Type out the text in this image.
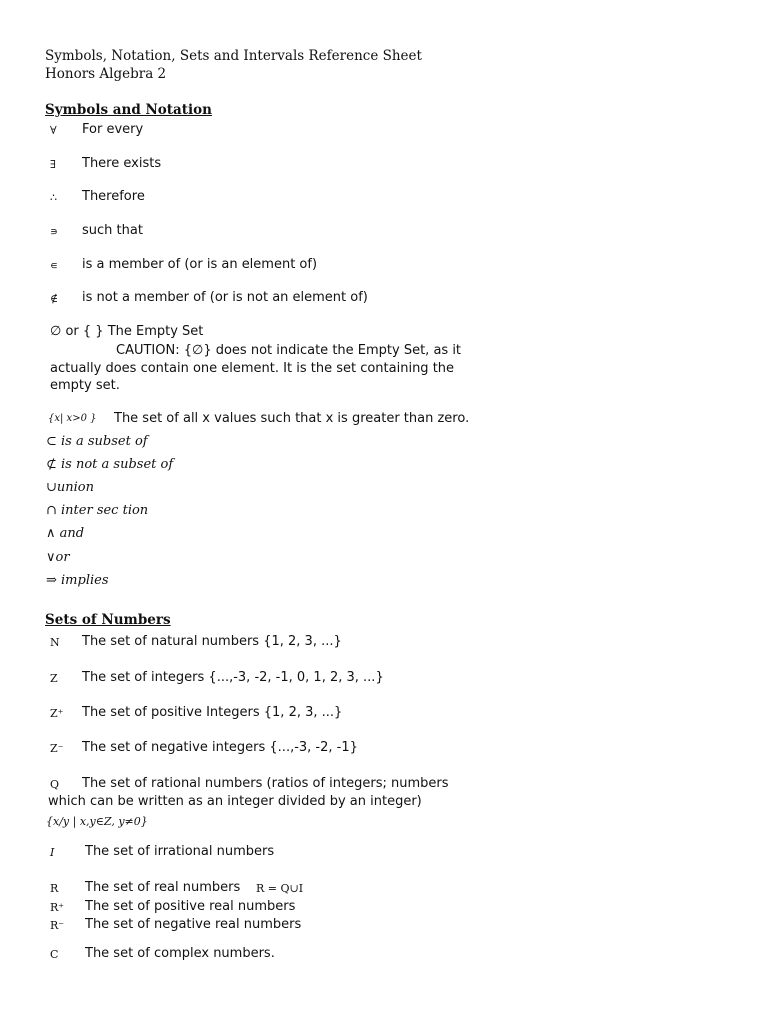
Symbols, Notation, Sets and Intervals Reference Sheet
Honors Algebra 2
Symbols and Notation
∀ For every
∃ There exists
∴ Therefore
∍ such that
∊ is a member of (or is an element of)
∉ is not a member of (or is not an element of)
∅ or { } The Empty Set
CAUTION: {∅} does not indicate the Empty Set, as it
actually does contain one element. It is the set containing the
empty set.
{x| x>0 } The set of all x values such that x is greater than zero.
⊂ is a subset of
⊄ is not a subset of
∪union
∩ inter sec tion
∧ and
∨or
⇒ implies
Sets of Numbers
N The set of natural numbers {1, 2, 3, ...}
Z The set of integers {...,-3, -2, -1, 0, 1, 2, 3, ...}
Z⁺ The set of positive Integers {1, 2, 3, ...}
Z⁻ The set of negative integers {...,-3, -2, -1}
Q The set of rational numbers (ratios of integers; numbers
which can be written as an integer divided by an integer)
{x/y | x,y∈Z, y≠0}
I The set of irrational numbers
R The set of real numbers R = Q∪I
R⁺ The set of positive real numbers
R⁻ The set of negative real numbers
C The set of complex numbers.
